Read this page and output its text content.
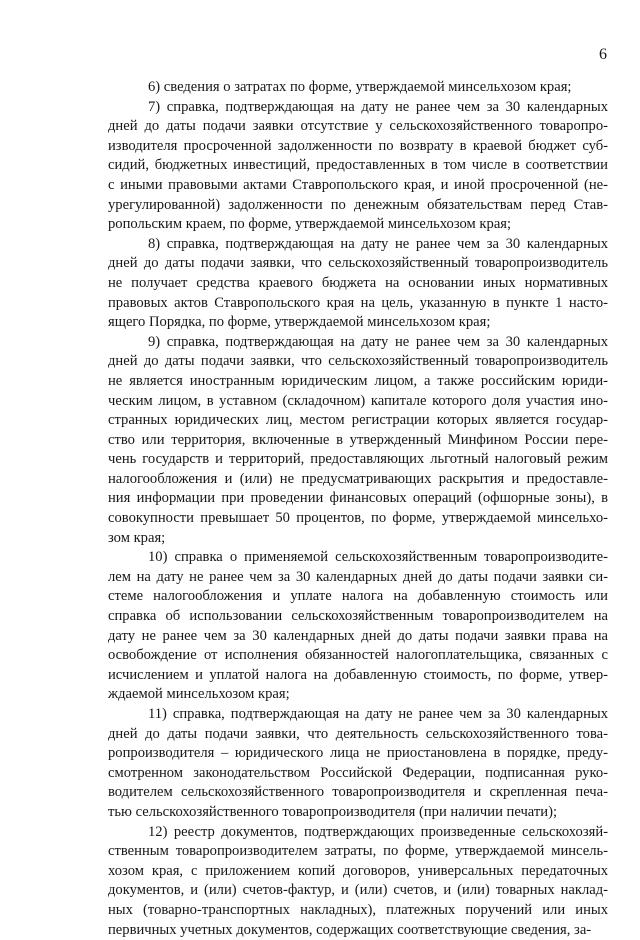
6
6) сведения о затратах по форме, утверждаемой минсельхозом края;
7) справка, подтверждающая на дату не ранее чем за 30 календарных
дней до даты подачи заявки отсутствие у сельскохозяйственного товаропро-
изводителя просроченной задолженности по возврату в краевой бюджет суб-
сидий, бюджетных инвестиций, предоставленных в том числе в соответствии
с иными правовыми актами Ставропольского края, и иной просроченной (не-
урегулированной) задолженности по денежным обязательствам перед Став-
ропольским краем, по форме, утверждаемой минсельхозом края;
8) справка, подтверждающая на дату не ранее чем за 30 календарных
дней до даты подачи заявки, что сельскохозяйственный товаропроизводитель
не получает средства краевого бюджета на основании иных нормативных
правовых актов Ставропольского края на цель, указанную в пункте 1 насто-
ящего Порядка, по форме, утверждаемой минсельхозом края;
9) справка, подтверждающая на дату не ранее чем за 30 календарных
дней до даты подачи заявки, что сельскохозяйственный товаропроизводитель
не является иностранным юридическим лицом, а также российским юриди-
ческим лицом, в уставном (складочном) капитале которого доля участия ино-
странных юридических лиц, местом регистрации которых является государ-
ство или территория, включенные в утвержденный Минфином России пере-
чень государств и территорий, предоставляющих льготный налоговый режим
налогообложения и (или) не предусматривающих раскрытия и предоставле-
ния информации при проведении финансовых операций (офшорные зоны), в
совокупности превышает 50 процентов, по форме, утверждаемой минсельхо-
зом края;
10) справка о применяемой сельскохозяйственным товаропроизводите-
лем на дату не ранее чем за 30 календарных дней до даты подачи заявки си-
стеме налогообложения и уплате налога на добавленную стоимость или
справка об использовании сельскохозяйственным товаропроизводителем на
дату не ранее чем за 30 календарных дней до даты подачи заявки права на
освобождение от исполнения обязанностей налогоплательщика, связанных с
исчислением и уплатой налога на добавленную стоимость, по форме, утвер-
ждаемой минсельхозом края;
11) справка, подтверждающая на дату не ранее чем за 30 календарных
дней до даты подачи заявки, что деятельность сельскохозяйственного това-
ропроизводителя – юридического лица не приостановлена в порядке, преду-
смотренном законодательством Российской Федерации, подписанная руко-
водителем сельскохозяйственного товаропроизводителя и скрепленная печа-
тью сельскохозяйственного товаропроизводителя (при наличии печати);
12) реестр документов, подтверждающих произведенные сельскохозяй-
ственным товаропроизводителем затраты, по форме, утверждаемой минсель-
хозом края, с приложением копий договоров, универсальных передаточных
документов, и (или) счетов-фактур, и (или) счетов, и (или) товарных наклад-
ных (товарно-транспортных накладных), платежных поручений или иных
первичных учетных документов, содержащих соответствующие сведения, за-
